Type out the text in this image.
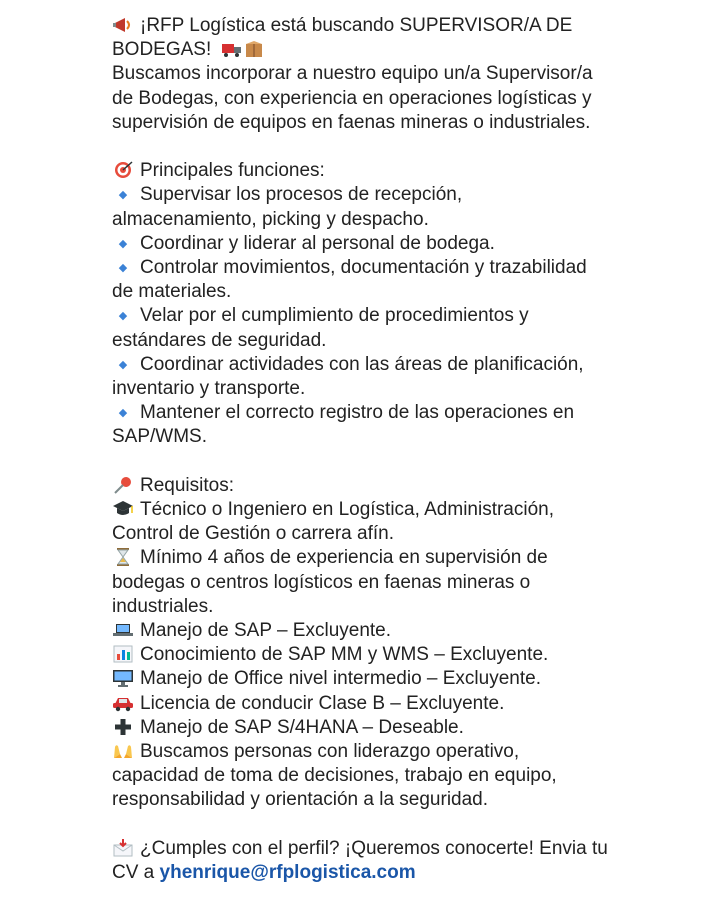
¡RFP Logística está buscando SUPERVISOR/A DE
BODEGAS!
Buscamos incorporar a nuestro equipo un/a Supervisor/a
de Bodegas, con experiencia en operaciones logísticas y
supervisión de equipos en faenas mineras o industriales.
Principales funciones:
◆ Supervisar los procesos de recepción,
almacenamiento, picking y despacho.
◆ Coordinar y liderar al personal de bodega.
◆ Controlar movimientos, documentación y trazabilidad
de materiales.
◆ Velar por el cumplimiento de procedimientos y
estándares de seguridad.
◆ Coordinar actividades con las áreas de planificación,
inventario y transporte.
◆ Mantener el correcto registro de las operaciones en
SAP/WMS.
Requisitos:
Técnico o Ingeniero en Logística, Administración,
Control de Gestión o carrera afín.
Mínimo 4 años de experiencia en supervisión de
bodegas o centros logísticos en faenas mineras o
industriales.
Manejo de SAP – Excluyente.
Conocimiento de SAP MM y WMS – Excluyente.
Manejo de Office nivel intermedio – Excluyente.
Licencia de conducir Clase B – Excluyente.
Manejo de SAP S/4HANA – Deseable.
Buscamos personas con liderazgo operativo,
capacidad de toma de decisiones, trabajo en equipo,
responsabilidad y orientación a la seguridad.
¿Cumples con el perfil? ¡Queremos conocerte! Envia tu
CV a yhenrique@rfplogistica.com
